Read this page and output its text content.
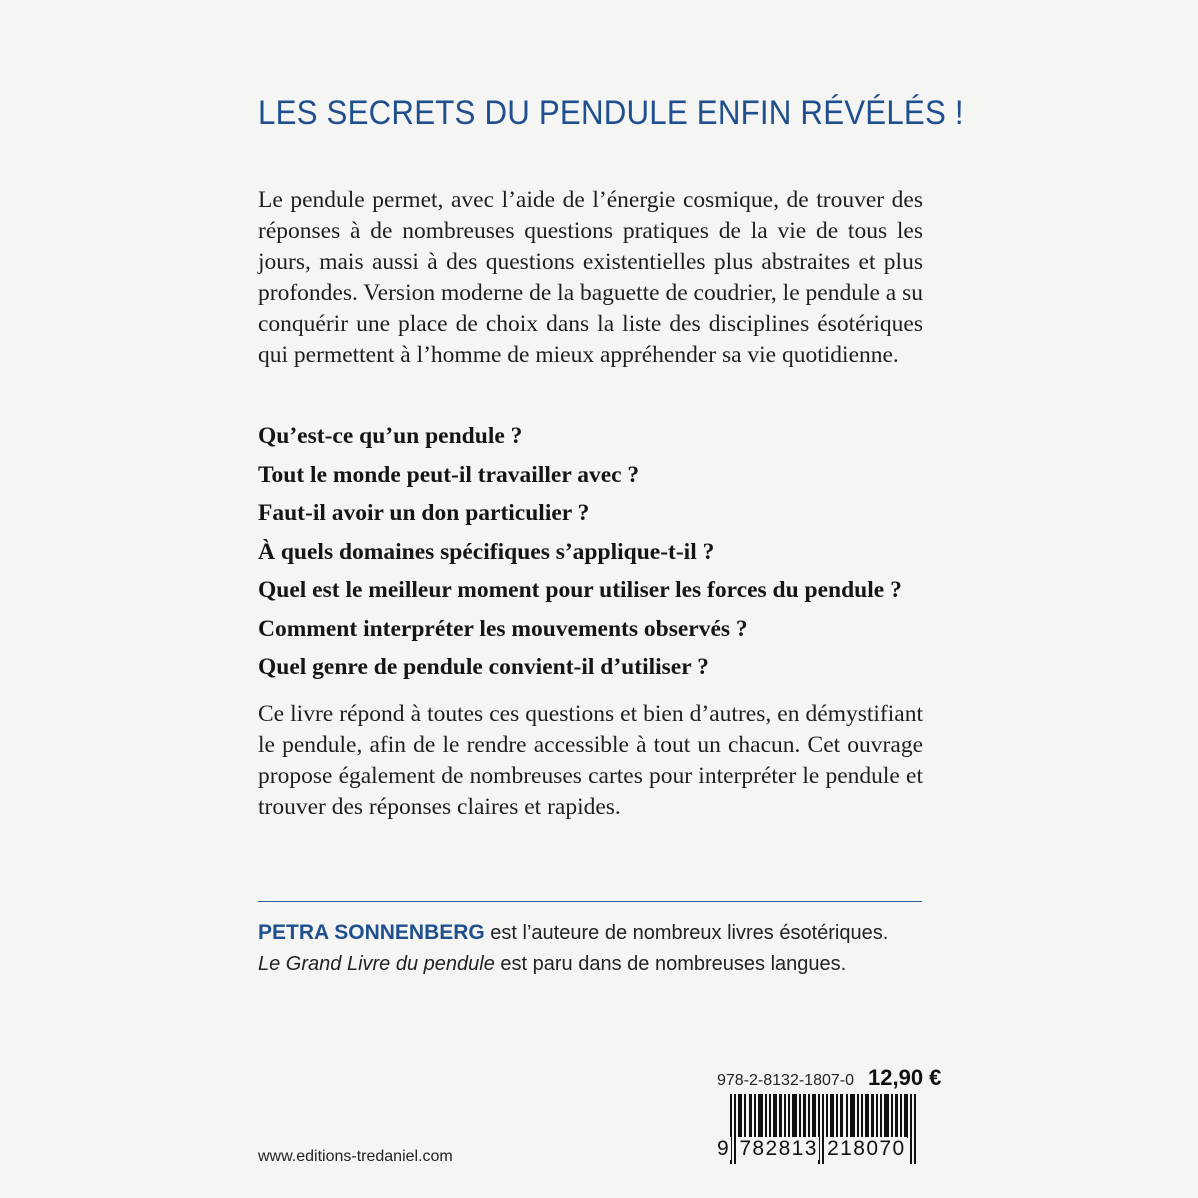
LES SECRETS DU PENDULE ENFIN RÉVÉLÉS !

Le pendule permet, avec l’aide de l’énergie cosmique, de trouver des réponses à de nombreuses questions pratiques de la vie de tous les jours, mais aussi à des questions existentielles plus abstraites et plus profondes. Version moderne de la baguette de coudrier, le pendule a su conquérir une place de choix dans la liste des disciplines ésotériques qui permettent à l’homme de mieux appréhender sa vie quotidienne.

Qu’est-ce qu’un pendule ?
Tout le monde peut-il travailler avec ?
Faut-il avoir un don particulier ?
À quels domaines spécifiques s’applique-t-il ?
Quel est le meilleur moment pour utiliser les forces du pendule ?
Comment interpréter les mouvements observés ?
Quel genre de pendule convient-il d’utiliser ?

Ce livre répond à toutes ces questions et bien d’autres, en démystifiant le pendule, afin de le rendre accessible à tout un chacun. Cet ouvrage propose également de nombreuses cartes pour interpréter le pendule et trouver des réponses claires et rapides.

PETRA SONNENBERG est l’auteure de nombreux livres ésotériques.
Le Grand Livre du pendule est paru dans de nombreuses langues.

978-2-8132-1807-0 12,90 €
9 782813 218070
www.editions-tredaniel.com
